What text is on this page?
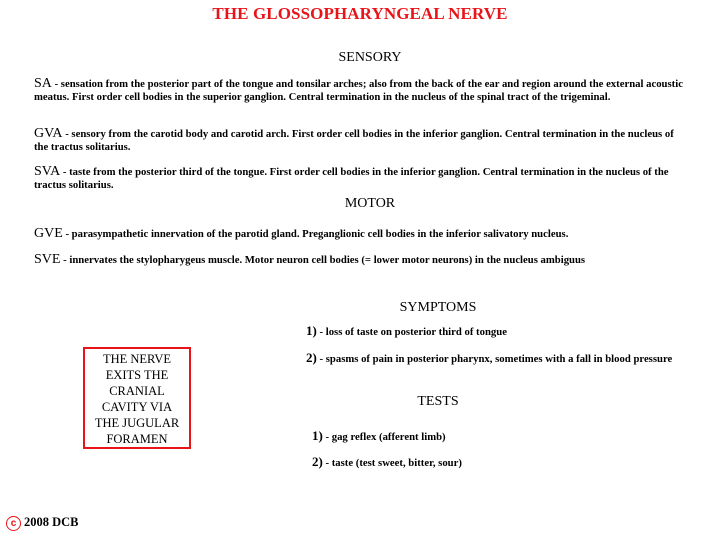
THE GLOSSOPHARYNGEAL NERVE
SENSORY
SA - sensation from the posterior part of the tongue and tonsilar arches; also from the back of the ear and region around the external acoustic meatus. First order cell bodies in the superior ganglion. Central termination in the nucleus of the spinal tract of the trigeminal.
GVA - sensory from the carotid body and carotid arch. First order cell bodies in the inferior ganglion. Central termination in the nucleus of the tractus solitarius.
SVA - taste from the posterior third of the tongue. First order cell bodies in the inferior ganglion. Central termination in the nucleus of the tractus solitarius.
MOTOR
GVE - parasympathetic innervation of the parotid gland. Preganglionic cell bodies in the inferior salivatory nucleus.
SVE - innervates the stylopharygeus muscle. Motor neuron cell bodies (= lower motor neurons) in the nucleus ambiguus
SYMPTOMS
1) - loss of taste on posterior third of tongue
2) - spasms of pain in posterior pharynx, sometimes with a fall in blood pressure
THE NERVE
EXITS THE
CRANIAL
CAVITY VIA
THE JUGULAR
FORAMEN
TESTS
1) - gag reflex (afferent limb)
2) - taste (test sweet, bitter, sour)
c 2008 DCB
